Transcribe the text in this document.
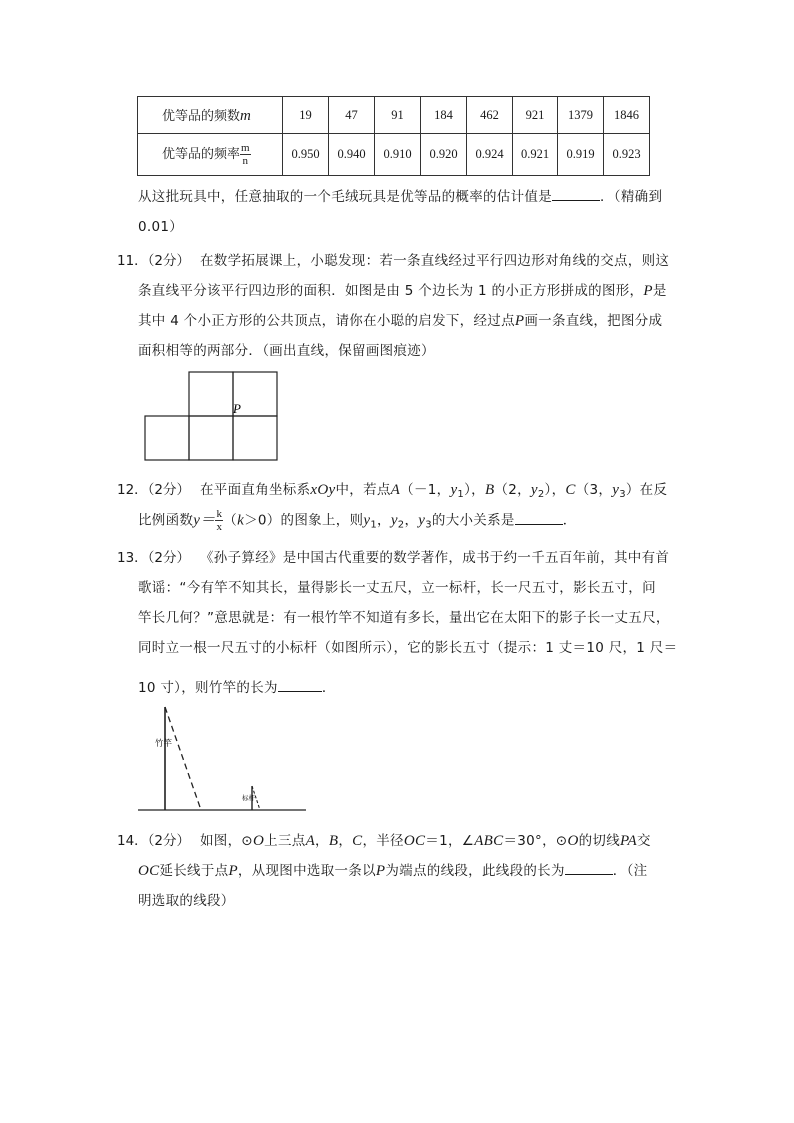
优等品的频数m	19	47	91	184	462	921	1379	1846
优等品的频率 $\frac{m}{n}$	0.950	0.940	0.910	0.920	0.924	0.921	0.919	0.923
从这批玩具中，任意抽取的一个毛绒玩具是优等品的概率的估计值是	．（精确到
0.01）
11．（2分） 在数学拓展课上，小聪发现：若一条直线经过平行四边形对角线的交点，则这
条直线平分该平行四边形的面积．如图是由 5 个边长为 1 的小正方形拼成的图形，P是
其中 4 个小正方形的公共顶点，请你在小聪的启发下，经过点P画一条直线，把图分成
面积相等的两部分．（画出直线，保留画图痕迹）
P
12．（2分） 在平面直角坐标系xOy中，若点A（－1，$y_1$），B（2，$y_2$），C（3，$y_3$）在反
比例函数$y= \frac{k}{x} (k>0)$的图象上，则$y_1$，$y_2$，$y_3$的大小关系是	．
13．（2分） 《孙子算经》是中国古代重要的数学著作，成书于约一千五百年前，其中有首
歌谣：“今有竿不知其长，量得影长一丈五尺，立一标杆，长一尺五寸，影长五寸，问
竿长几何？”意思就是：有一根竹竿不知道有多长，量出它在太阳下的影子长一丈五尺，
同时立一根一尺五寸的小标杆（如图所示），它的影长五寸（提示：1 丈＝10 尺，1 尺＝
10 寸），则竹竿的长为	．
竹竿
标杆
14．（2分） 如图，⊙O上三点A，B，C，半径OC＝1，∠ABC＝30°，⊙O的切线PA交
OC延长线于点P，从现图中选取一条以P为端点的线段，此线段的长为	．（注
明选取的线段）
